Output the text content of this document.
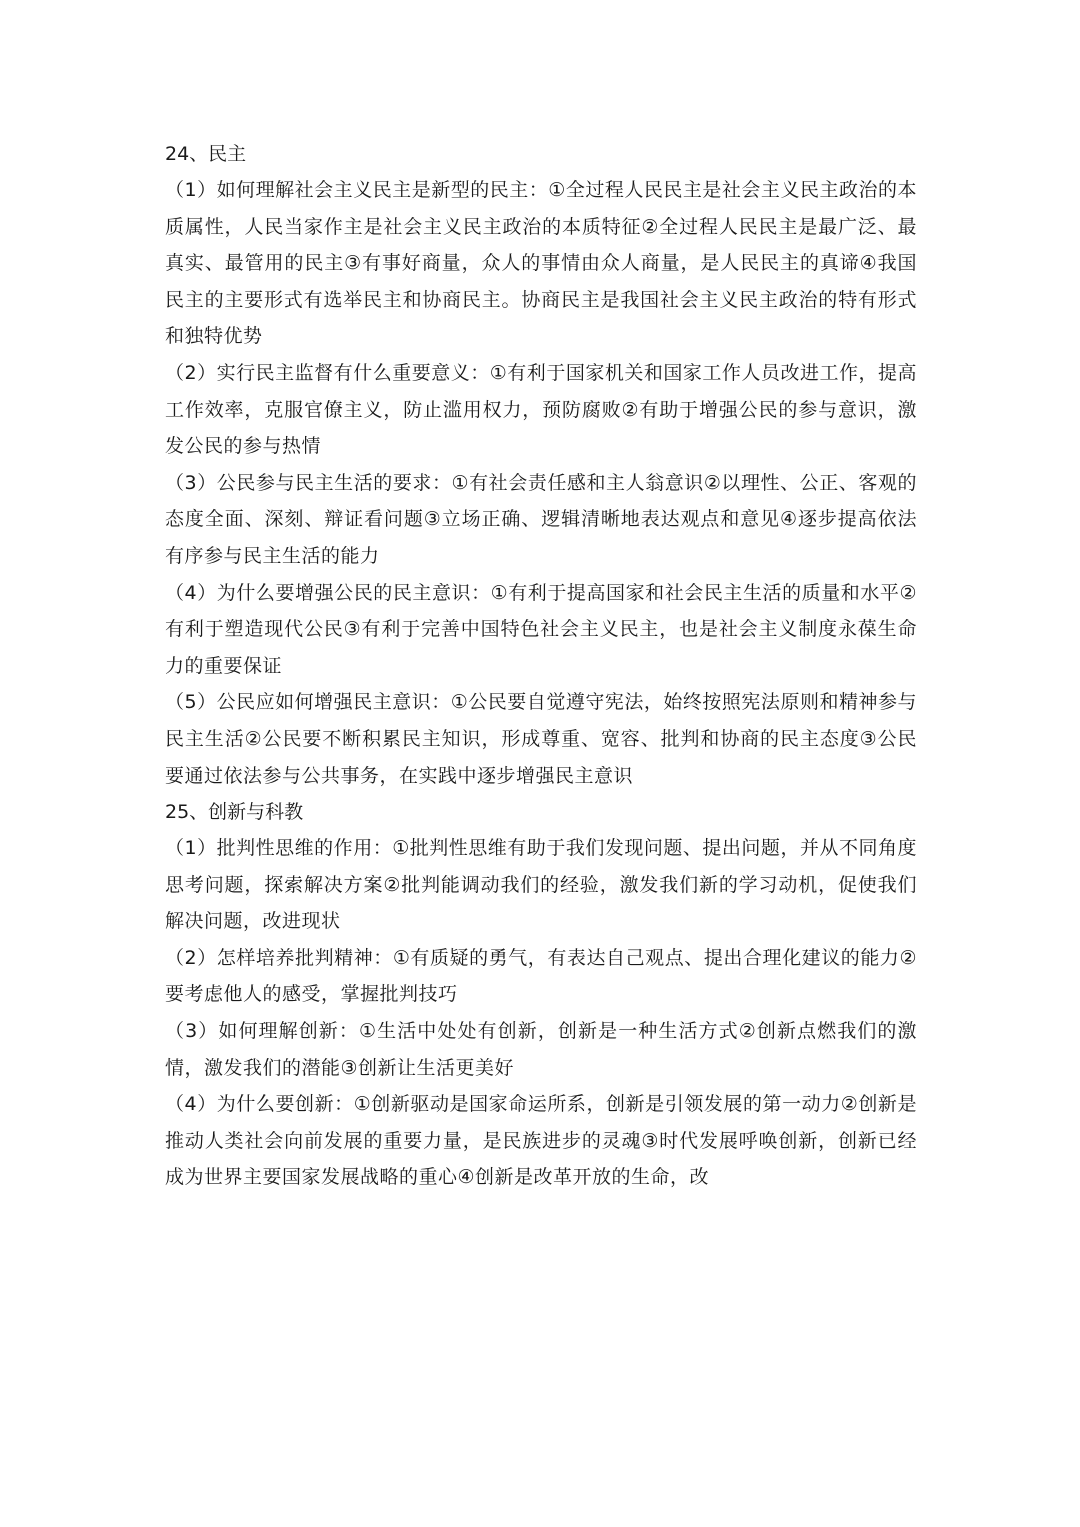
24、民主
（1）如何理解社会主义民主是新型的民主：①全过程人民民主是社会主义民主政治的本质属性，人民当家作主是社会主义民主政治的本质特征②全过程人民民主是最广泛、最真实、最管用的民主③有事好商量，众人的事情由众人商量，是人民民主的真谛④我国民主的主要形式有选举民主和协商民主。协商民主是我国社会主义民主政治的特有形式和独特优势
（2）实行民主监督有什么重要意义：①有利于国家机关和国家工作人员改进工作，提高工作效率，克服官僚主义，防止滥用权力，预防腐败②有助于增强公民的参与意识，激发公民的参与热情
（3）公民参与民主生活的要求：①有社会责任感和主人翁意识②以理性、公正、客观的态度全面、深刻、辩证看问题③立场正确、逻辑清晰地表达观点和意见④逐步提高依法有序参与民主生活的能力
（4）为什么要增强公民的民主意识：①有利于提高国家和社会民主生活的质量和水平②有利于塑造现代公民③有利于完善中国特色社会主义民主，也是社会主义制度永葆生命力的重要保证
（5）公民应如何增强民主意识：①公民要自觉遵守宪法，始终按照宪法原则和精神参与民主生活②公民要不断积累民主知识，形成尊重、宽容、批判和协商的民主态度③公民要通过依法参与公共事务，在实践中逐步增强民主意识
25、创新与科教
（1）批判性思维的作用：①批判性思维有助于我们发现问题、提出问题，并从不同角度思考问题，探索解决方案②批判能调动我们的经验，激发我们新的学习动机，促使我们解决问题，改进现状
（2）怎样培养批判精神：①有质疑的勇气，有表达自己观点、提出合理化建议的能力②要考虑他人的感受，掌握批判技巧
（3）如何理解创新：①生活中处处有创新，创新是一种生活方式②创新点燃我们的激情，激发我们的潜能③创新让生活更美好
（4）为什么要创新：①创新驱动是国家命运所系，创新是引领发展的第一动力②创新是推动人类社会向前发展的重要力量，是民族进步的灵魂③时代发展呼唤创新，创新已经成为世界主要国家发展战略的重心④创新是改革开放的生命，改
